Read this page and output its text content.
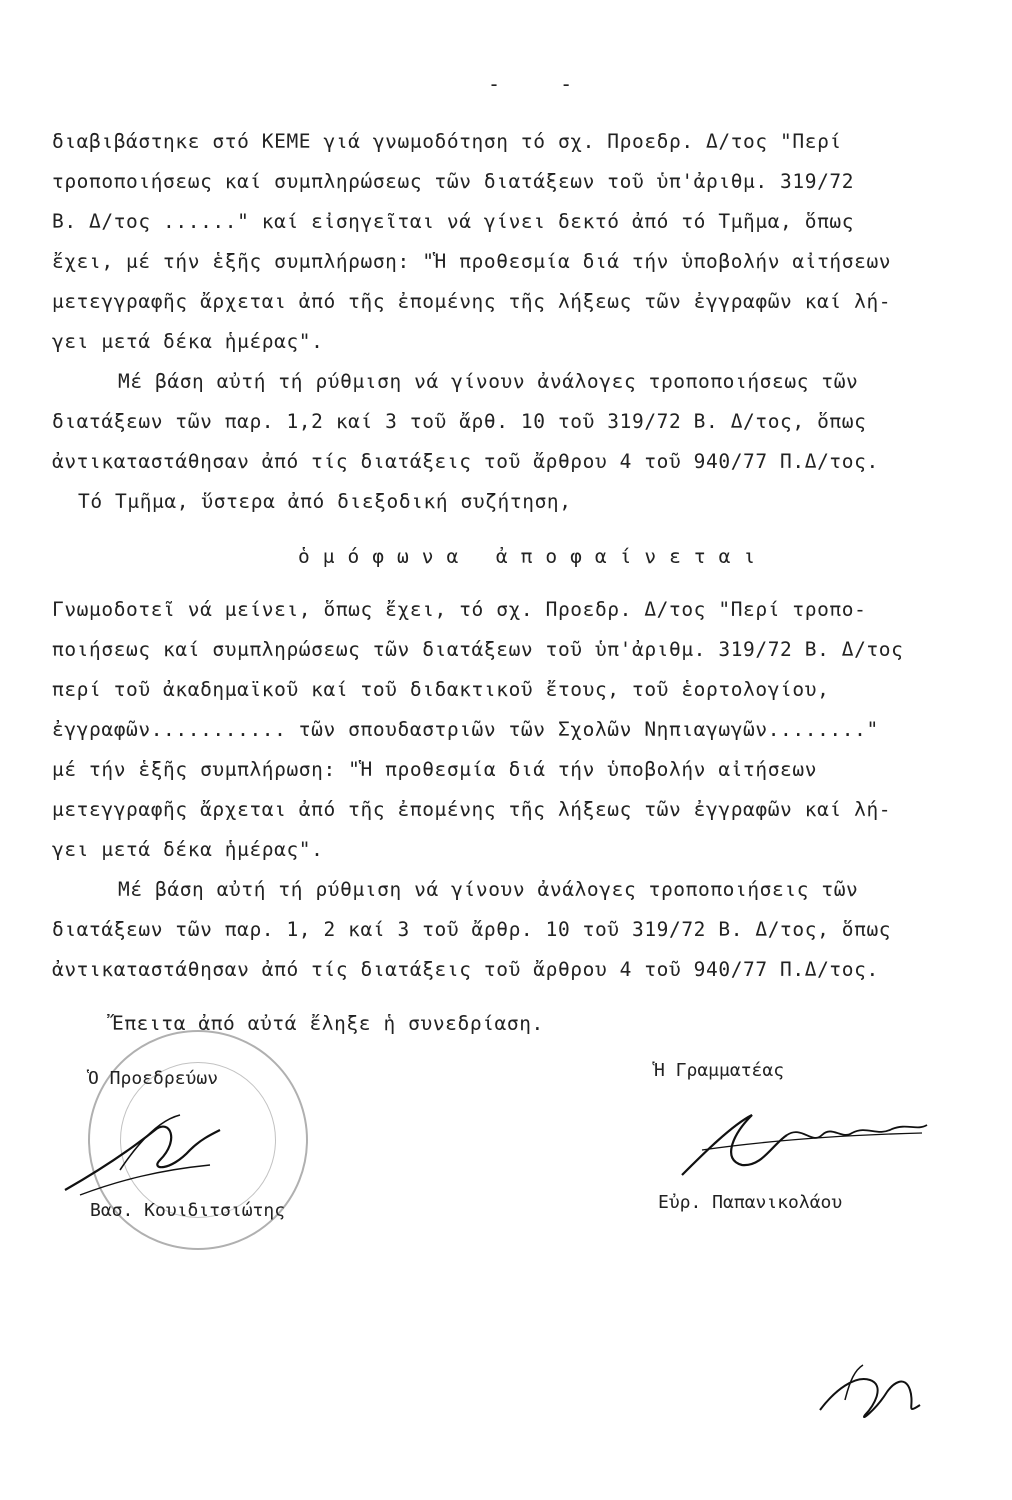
- -
διαβιβάστηκε στό ΚΕΜΕ γιά γνωμοδότηση τό σχ. Προεδρ. Δ/τος "Περί
τροποποιήσεως καί συμπληρώσεως τῶν διατάξεων τοῦ ὑπ'ἀριθμ. 319/72
Β. Δ/τος ......" καί εἰσηγεῖται νά γίνει δεκτό ἀπό τό Τμῆμα, ὅπως
ἔχει, μέ τήν ἑξῆς συμπλήρωση: "Ἡ προθεσμία διά τήν ὑποβολήν αἰτήσεων
μετεγγραφῆς ἄρχεται ἀπό τῆς ἐπομένης τῆς λήξεως τῶν ἐγγραφῶν καί λή-
γει μετά δέκα ἡμέρας".
Μέ βάση αὐτή τή ρύθμιση νά γίνουν ἀνάλογες τροποποιήσεως τῶν
διατάξεων τῶν παρ. 1,2 καί 3 τοῦ ἄρθ. 10 τοῦ 319/72 Β. Δ/τος, ὅπως
ἀντικαταστάθησαν ἀπό τίς διατάξεις τοῦ ἄρθρου 4 τοῦ 940/77 Π.Δ/τος.
Τό Τμῆμα, ὕστερα ἀπό διεξοδική συζήτηση,
ὁμόφωνα ἀποφαίνεται
Γνωμοδοτεῖ νά μείνει, ὅπως ἔχει, τό σχ. Προεδρ. Δ/τος "Περί τροπο-
ποιήσεως καί συμπληρώσεως τῶν διατάξεων τοῦ ὑπ'ἀριθμ. 319/72 Β. Δ/τος
περί τοῦ ἀκαδημαϊκοῦ καί τοῦ διδακτικοῦ ἔτους, τοῦ ἑορτολογίου,
ἐγγραφῶν........... τῶν σπουδαστριῶν τῶν Σχολῶν Νηπιαγωγῶν........"
μέ τήν ἑξῆς συμπλήρωση: "Ἡ προθεσμία διά τήν ὑποβολήν αἰτήσεων
μετεγγραφῆς ἄρχεται ἀπό τῆς ἐπομένης τῆς λήξεως τῶν ἐγγραφῶν καί λή-
γει μετά δέκα ἡμέρας".
Μέ βάση αὐτή τή ρύθμιση νά γίνουν ἀνάλογες τροποποιήσεις τῶν
διατάξεων τῶν παρ. 1, 2 καί 3 τοῦ ἄρθρ. 10 τοῦ 319/72 Β. Δ/τος, ὅπως
ἀντικαταστάθησαν ἀπό τίς διατάξεις τοῦ ἄρθρου 4 τοῦ 940/77 Π.Δ/τος.
Ἔπειτα ἀπό αὐτά ἔληξε ἡ συνεδρίαση.
Ὁ Προεδρεύων
Βασ. Κουιδιτσιώτης
Ἡ Γραμματέας
Εὐρ. Παπανικολάου
